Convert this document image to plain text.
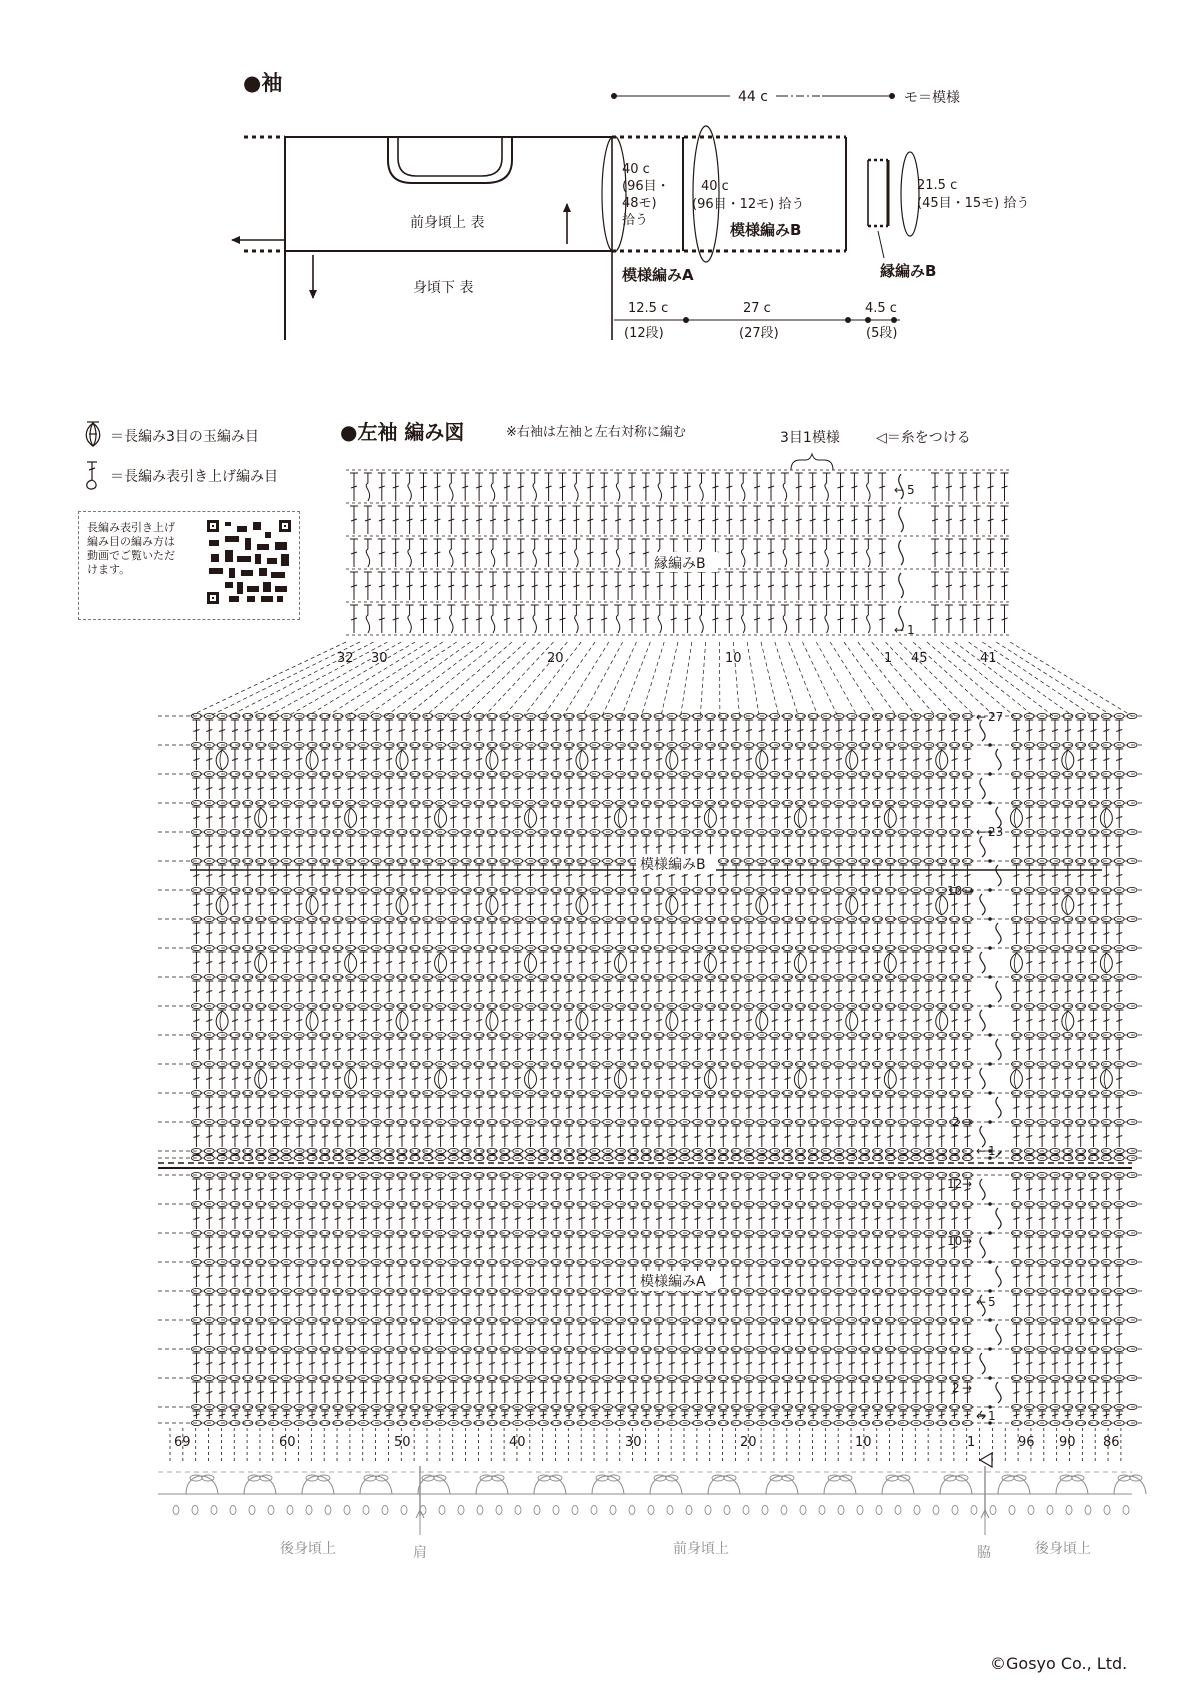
●袖
44 c	モ＝模様
前身頃上 表
身頃下 表
40 c
(96目・
48モ)
拾う
40 c
(96目・12モ) 拾う
模様編みB
模様編みA
21.5 c
(45目・15モ) 拾う
縁編みB
12.5 c
(12段)
27 c
(27段)
4.5 c
(5段)
＝長編み3目の玉編み目
＝長編み表引き上げ編み目
●左袖 編み図	※右袖は左袖と左右対称に編む	3目1模様	◁＝糸をつける
縁編みB
模様編みB
模様編みA
32 30	20	10	1 45	41
5
1
←
←
27
←
23
←
10 →
2 →
1
←
12 →
10 →
5
←
2 →
1
←
69	60	50	40	30	20	10	1	96 90 86
後身頃上	肩	前身頃上	脇	後身頃上
©Gosyo Co., Ltd.
長編み表引き上げ編み目の編み方は動画でご覧いただけます。
